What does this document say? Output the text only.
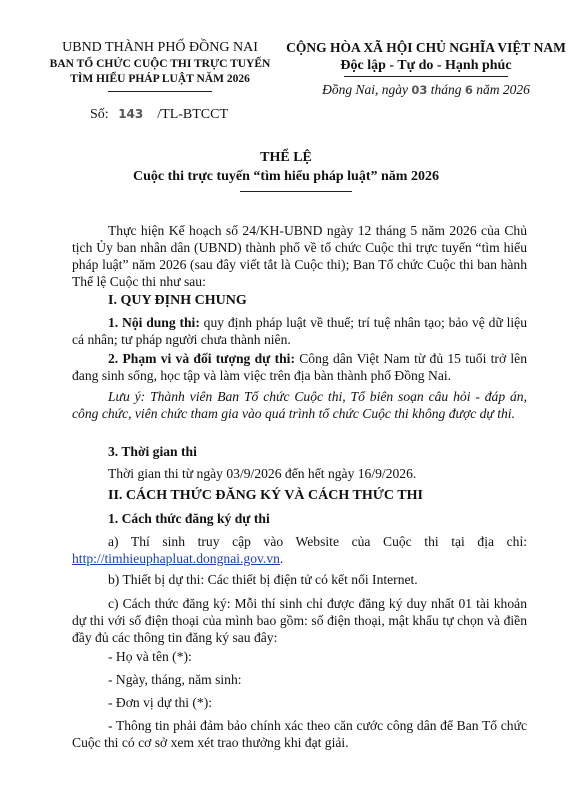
UBND THÀNH PHỐ ĐỒNG NAI
BAN TỔ CHỨC CUỘC THI TRỰC TUYẾN
TÌM HIỂU PHÁP LUẬT NĂM 2026
CỘNG HÒA XÃ HỘI CHỦ NGHĨA VIỆT NAM
Độc lập - Tự do - Hạnh phúc
Đồng Nai, ngày 03 tháng 6 năm 2026
Số: 143 /TL-BTCCT
THỂ LỆ
Cuộc thi trực tuyến “tìm hiểu pháp luật” năm 2026

Thực hiện Kế hoạch số 24/KH-UBND ngày 12 tháng 5 năm 2026 của Chủ tịch Ủy ban nhân dân (UBND) thành phố về tổ chức Cuộc thi trực tuyến “tìm hiểu pháp luật” năm 2026 (sau đây viết tắt là Cuộc thi); Ban Tổ chức Cuộc thi ban hành Thể lệ Cuộc thi như sau:

I. QUY ĐỊNH CHUNG

1. Nội dung thi: quy định pháp luật về thuế; trí tuệ nhân tạo; bảo vệ dữ liệu cá nhân; tư pháp người chưa thành niên.

2. Phạm vi và đối tượng dự thi: Công dân Việt Nam từ đủ 15 tuổi trở lên đang sinh sống, học tập và làm việc trên địa bàn thành phố Đồng Nai.

Lưu ý: Thành viên Ban Tổ chức Cuộc thi, Tổ biên soạn câu hỏi - đáp án, công chức, viên chức tham gia vào quá trình tổ chức Cuộc thi không được dự thi.

3. Thời gian thi

Thời gian thi từ ngày 03/9/2026 đến hết ngày 16/9/2026.

II. CÁCH THỨC ĐĂNG KÝ VÀ CÁCH THỨC THI

1. Cách thức đăng ký dự thi

a) Thí sinh truy cập vào Website của Cuộc thi tại địa chỉ: http://timhieuphapluat.dongnai.gov.vn.

b) Thiết bị dự thi: Các thiết bị điện tử có kết nối Internet.

c) Cách thức đăng ký: Mỗi thí sinh chỉ được đăng ký duy nhất 01 tài khoản dự thi với số điện thoại của mình bao gồm: số điện thoại, mật khẩu tự chọn và điền đầy đủ các thông tin đăng ký sau đây:

- Họ và tên (*):

- Ngày, tháng, năm sinh:

- Đơn vị dự thi (*):

- Thông tin phải đảm bảo chính xác theo căn cước công dân để Ban Tổ chức Cuộc thi có cơ sở xem xét trao thưởng khi đạt giải.
